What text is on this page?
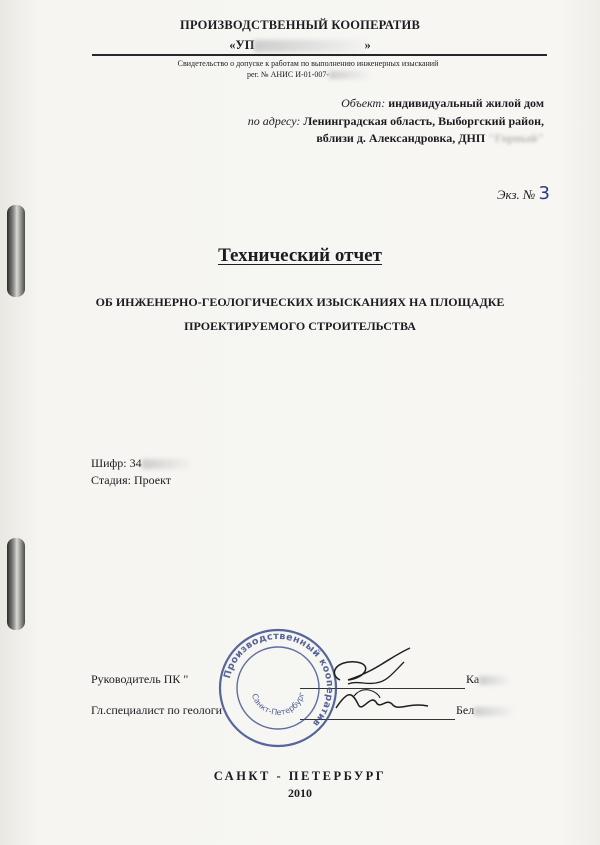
ПРОИЗВОДСТВЕННЫЙ КООПЕРАТИВ
«УП	»
Свидетельство о допуске к работам по выполнению инженерных изысканий
рег. № АНИС И-01-007-
Объект: индивидуальный жилой дом
по адресу: Ленинградская область, Выборгский район,
вблизи д. Александровка, ДНП "Горный"
Экз. № 3
Технический отчет
ОБ ИНЖЕНЕРНО-ГЕОЛОГИЧЕСКИХ ИЗЫСКАНИЯХ НА ПЛОЩАДКЕ
ПРОЕКТИРУЕМОГО СТРОИТЕЛЬСТВА
Шифр: 34
Стадия: Проект
Руководитель ПК "	Ка
Гл.специалист по геологи	Бел
Производственный кооператив
Санкт-Петербург
САНКТ - ПЕТЕРБУРГ
2010
